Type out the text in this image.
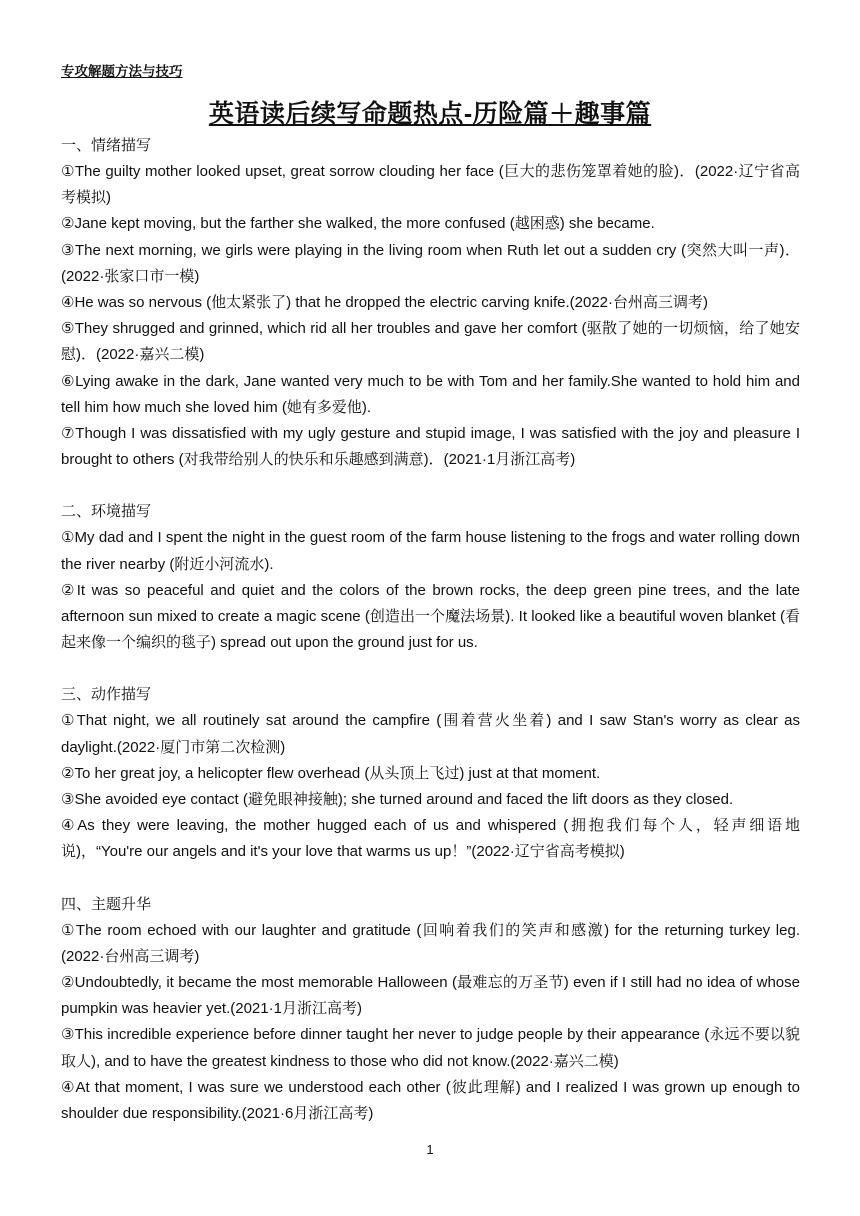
专攻解题方法与技巧
英语读后续写命题热点-历险篇＋趣事篇

一、情绪描写

①The guilty mother looked upset, great sorrow clouding her face (巨大的悲伤笼罩着她的脸)．(2022·辽宁省高考模拟)

②Jane kept moving, but the farther she walked, the more confused (越困惑) she became.

③The next morning, we girls were playing in the living room when Ruth let out a sudden cry (突然大叫一声)．(2022·张家口市一模)

④He was so nervous (他太紧张了) that he dropped the electric carving knife.(2022·台州高三调考)

⑤They shrugged and grinned, which rid all her troubles and gave her comfort (驱散了她的一切烦恼，给了她安慰)．(2022·嘉兴二模)

⑥Lying awake in the dark, Jane wanted very much to be with Tom and her family.She wanted to hold him and tell him how much she loved him (她有多爱他).

⑦Though I was dissatisfied with my ugly gesture and stupid image, I was satisfied with the joy and pleasure I brought to others (对我带给别人的快乐和乐趣感到满意)．(2021·1月浙江高考)

二、环境描写

①My dad and I spent the night in the guest room of the farm house listening to the frogs and water rolling down the river nearby (附近小河流水).

②It was so peaceful and quiet and the colors of the brown rocks, the deep green pine trees, and the late afternoon sun mixed to create a magic scene (创造出一个魔法场景). It looked like a beautiful woven blanket (看起来像一个编织的毯子) spread out upon the ground just for us.

三、动作描写

①That night, we all routinely sat around the campfire (围着营火坐着) and I saw Stan's worry as clear as daylight.(2022·厦门市第二次检测)

②To her great joy, a helicopter flew overhead (从头顶上飞过) just at that moment.

③She avoided eye contact (避免眼神接触); she turned around and faced the lift doors as they closed.

④As they were leaving, the mother hugged each of us and whispered (拥抱我们每个人，轻声细语地说)，“You're our angels and it's your love that warms us up！”(2022·辽宁省高考模拟)

四、主题升华

①The room echoed with our laughter and gratitude (回响着我们的笑声和感激) for the returning turkey leg.(2022·台州高三调考)

②Undoubtedly, it became the most memorable Halloween (最难忘的万圣节) even if I still had no idea of whose pumpkin was heavier yet.(2021·1月浙江高考)

③This incredible experience before dinner taught her never to judge people by their appearance (永远不要以貌取人), and to have the greatest kindness to those who did not know.(2022·嘉兴二模)

④At that moment, I was sure we understood each other (彼此理解) and I realized I was grown up enough to shoulder due responsibility.(2021·6月浙江高考)

1
